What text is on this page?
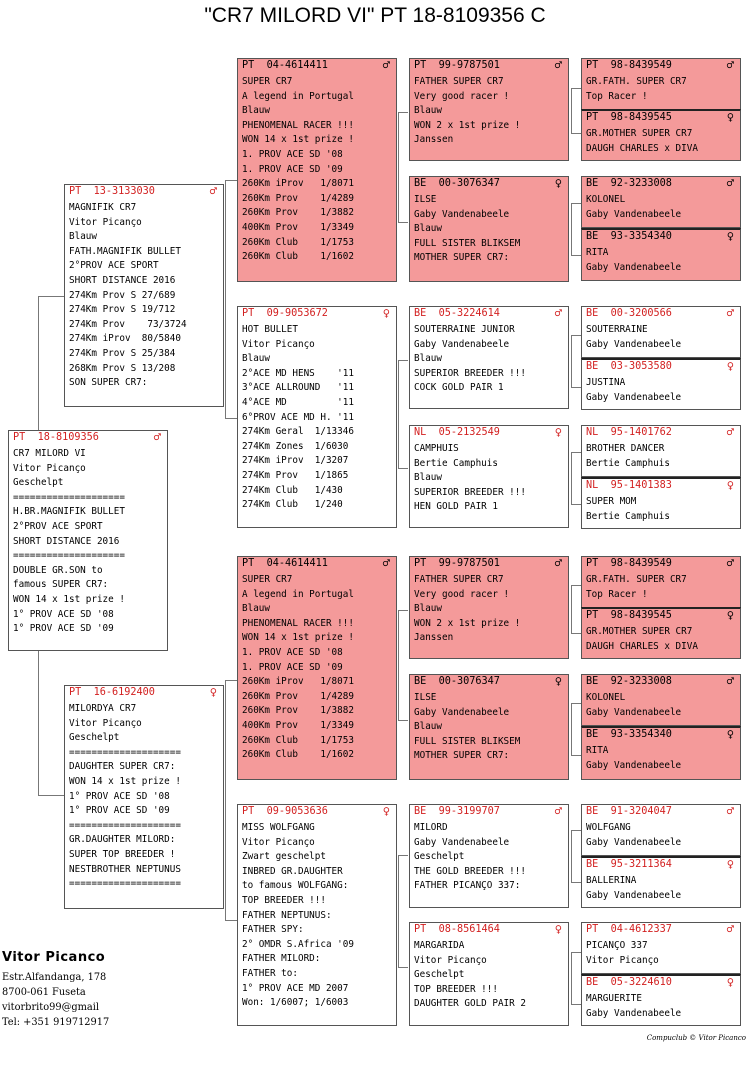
"CR7 MILORD VI" PT 18-8109356 C
PT 18-8109356	♂
CR7 MILORD VI
Vitor Picanço
Geschelpt
====================
H.BR.MAGNIFIK BULLET
2°PROV ACE SPORT
SHORT DISTANCE 2016
====================
DOUBLE GR.SON to
famous SUPER CR7:
WON 14 x 1st prize !
1° PROV ACE SD '08
1° PROV ACE SD '09
PT 13-3133030	♂
MAGNIFIK CR7
Vitor Picanço
Blauw
FATH.MAGNIFIK BULLET
2°PROV ACE SPORT
SHORT DISTANCE 2016
274Km Prov S 27/689
274Km Prov S 19/712
274Km Prov    73/3724
274Km iProv  80/5840
274Km Prov S 25/384
268Km Prov S 13/208
SON SUPER CR7:
PT 16-6192400	♀
MILORDYA CR7
Vitor Picanço
Geschelpt
====================
DAUGHTER SUPER CR7:
WON 14 x 1st prize !
1° PROV ACE SD '08
1° PROV ACE SD '09
====================
GR.DAUGHTER MILORD:
SUPER TOP BREEDER !
NESTBROTHER NEPTUNUS
====================
PT 04-4614411	♂
SUPER CR7
A legend in Portugal
Blauw
PHENOMENAL RACER !!!
WON 14 x 1st prize !
1. PROV ACE SD '08
1. PROV ACE SD '09
260Km iProv   1/8071
260Km Prov    1/4289
260Km Prov    1/3882
400Km Prov    1/3349
260Km Club    1/1753
260Km Club    1/1602
PT 09-9053672	♀
HOT BULLET
Vitor Picanço
Blauw
2°ACE MD HENS    '11
3°ACE ALLROUND   '11
4°ACE MD         '11
6°PROV ACE MD H. '11
274Km Geral  1/13346
274Km Zones  1/6030
274Km iProv  1/3207
274Km Prov   1/1865
274Km Club   1/430
274Km Club   1/240
PT 04-4614411	♂
SUPER CR7
A legend in Portugal
Blauw
PHENOMENAL RACER !!!
WON 14 x 1st prize !
1. PROV ACE SD '08
1. PROV ACE SD '09
260Km iProv   1/8071
260Km Prov    1/4289
260Km Prov    1/3882
400Km Prov    1/3349
260Km Club    1/1753
260Km Club    1/1602
PT 09-9053636	♀
MISS WOLFGANG
Vitor Picanço
Zwart geschelpt
INBRED GR.DAUGHTER
to famous WOLFGANG:
TOP BREEDER !!!
FATHER NEPTUNUS:
FATHER SPY:
2° OMDR S.Africa '09
FATHER MILORD:
FATHER to:
1° PROV ACE MD 2007
Won: 1/6007; 1/6003
PT 99-9787501	♂
FATHER SUPER CR7
Very good racer !
Blauw
WON 2 x 1st prize !
Janssen
BE 00-3076347	♀
ILSE
Gaby Vandenabeele
Blauw
FULL SISTER BLIKSEM
MOTHER SUPER CR7:
BE 05-3224614	♂
SOUTERRAINE JUNIOR
Gaby Vandenabeele
Blauw
SUPERIOR BREEDER !!!
COCK GOLD PAIR 1
NL 05-2132549	♀
CAMPHUIS
Bertie Camphuis
Blauw
SUPERIOR BREEDER !!!
HEN GOLD PAIR 1
PT 99-9787501	♂
FATHER SUPER CR7
Very good racer !
Blauw
WON 2 x 1st prize !
Janssen
BE 00-3076347	♀
ILSE
Gaby Vandenabeele
Blauw
FULL SISTER BLIKSEM
MOTHER SUPER CR7:
BE 99-3199707	♂
MILORD
Gaby Vandenabeele
Geschelpt
THE GOLD BREEDER !!!
FATHER PICANÇO 337:
PT 08-8561464	♀
MARGARIDA
Vitor Picanço
Geschelpt
TOP BREEDER !!!
DAUGHTER GOLD PAIR 2
PT 98-8439549	♂
GR.FATH. SUPER CR7
Top Racer !
PT 98-8439545	♀
GR.MOTHER SUPER CR7
DAUGH CHARLES x DIVA
BE 92-3233008	♂
KOLONEL
Gaby Vandenabeele
BE 93-3354340	♀
RITA
Gaby Vandenabeele
BE 00-3200566	♂
SOUTERRAINE
Gaby Vandenabeele
BE 03-3053580	♀
JUSTINA
Gaby Vandenabeele
NL 95-1401762	♂
BROTHER DANCER
Bertie Camphuis
NL 95-1401383	♀
SUPER MOM
Bertie Camphuis
PT 98-8439549	♂
GR.FATH. SUPER CR7
Top Racer !
PT 98-8439545	♀
GR.MOTHER SUPER CR7
DAUGH CHARLES x DIVA
BE 92-3233008	♂
KOLONEL
Gaby Vandenabeele
BE 93-3354340	♀
RITA
Gaby Vandenabeele
BE 91-3204047	♂
WOLFGANG
Gaby Vandenabeele
BE 95-3211364	♀
BALLERINA
Gaby Vandenabeele
PT 04-4612337	♂
PICANÇO 337
Vitor Picanço
BE 05-3224610	♀
MARGUERITE
Gaby Vandenabeele
Vitor Picanco
Estr.Alfandanga, 178
8700-061 Fuseta
vitorbrito99@gmail
Tel: +351 919712917
Compuclub © Vitor Picanco
